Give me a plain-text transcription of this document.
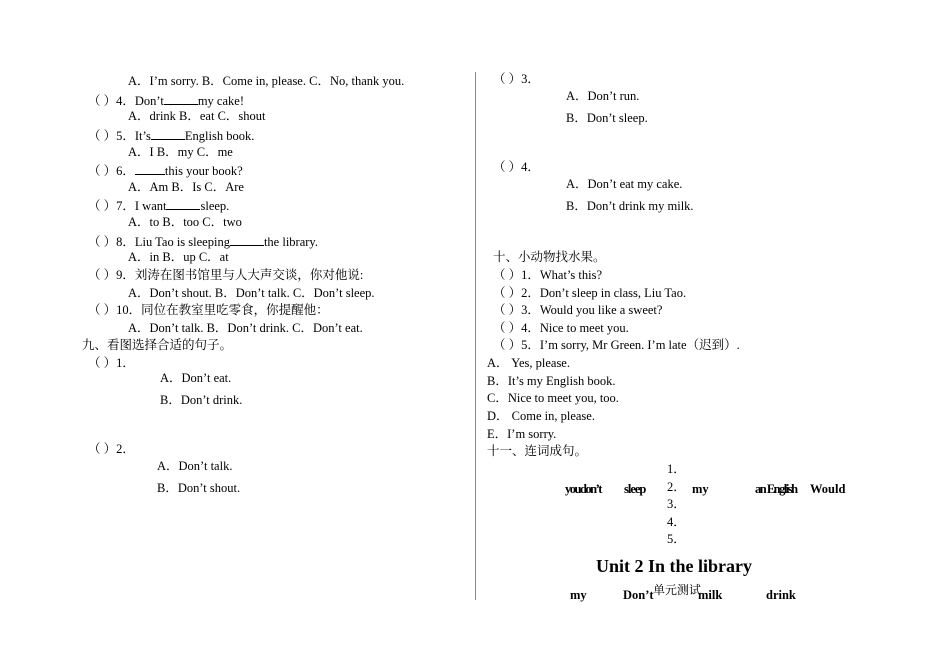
A．I’m sorry. B．Come in, please. C．No, thank you.
（ ）4．Don’t	my cake!
A．drink B．eat C．shout
（ ）5．It’s	English book.
A．I B．my C．me
（ ）6． this your book?
A．Am B．Is C．Are
（ ）7．I want	sleep.
A．to B．too C．two
（ ）8．Liu Tao is sleeping	the library.
A．in B．up C．at
（ ）9．刘涛在图书馆里与人大声交谈，你对他说:
A．Don’t shout. B．Don’t talk. C．Don’t sleep.
（ ）10．同位在教室里吃零食，你提醒他：
A．Don’t talk. B．Don’t drink. C．Don’t eat.
九、看图选择合适的句子。
（ ）1．
A．Don’t eat.
B．Don’t drink.
（ ）2．
A．Don’t talk.
B．Don’t shout.
（ ）3．
A．Don’t run.
B．Don’t sleep.
（ ）4．
A．Don’t eat my cake.
B．Don’t drink my milk.
十、小动物找水果。
（ ）1．What’s this?
（ ）2．Don’t sleep in class, Liu Tao.
（ ）3．Would you like a sweet?
（ ）4．Nice to meet you.
（ ）5．I’m sorry, Mr Green. I’m late（迟到）.
A． Yes, please.
B．It’s my English book.
C．Nice to meet you, too.
D． Come in, please.
E．I’m sorry.
十一、连词成句。
1．
2．
3．
4．
5．
youdon’t sleep	my	an English Would
Unit 2 In the library
单元测试
my	Don’t	milk	drink
